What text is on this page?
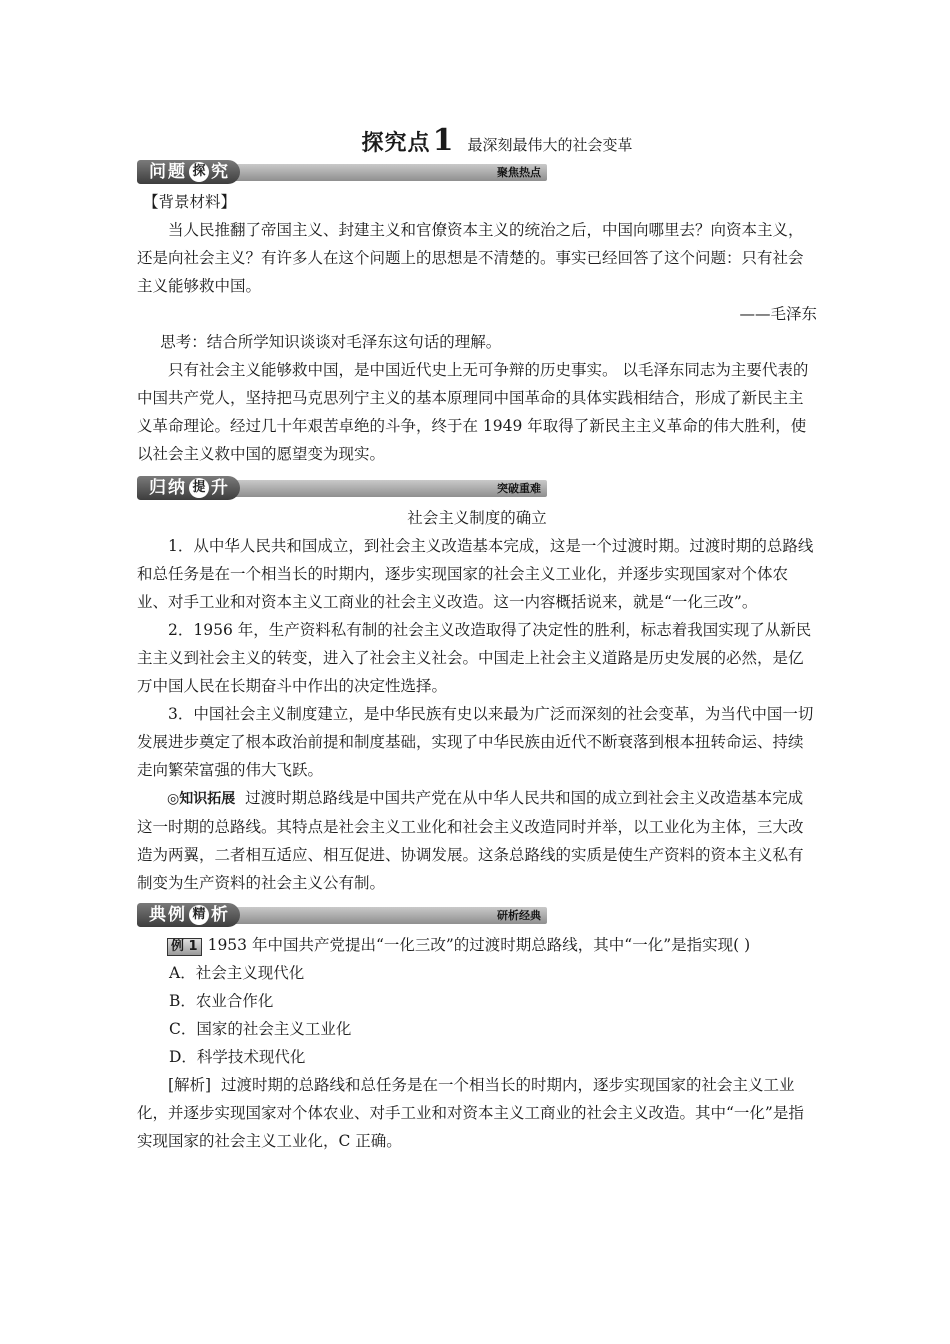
探究点1 最深刻最伟大的社会变革
问题 探 究	聚焦热点

【背景材料】

当人民推翻了帝国主义、封建主义和官僚资本主义的统治之后，中国向哪里去？向资本主义，还是向社会主义？有许多人在这个问题上的思想是不清楚的。事实已经回答了这个问题：只有社会主义能够救中国。

——毛泽东

思考：结合所学知识谈谈对毛泽东这句话的理解。

只有社会主义能够救中国，是中国近代史上无可争辩的历史事实。 以毛泽东同志为主要代表的中国共产党人，坚持把马克思列宁主义的基本原理同中国革命的具体实践相结合，形成了新民主主义革命理论。经过几十年艰苦卓绝的斗争，终于在 1949 年取得了新民主主义革命的伟大胜利，使以社会主义救中国的愿望变为现实。

归纳 提 升	突破重难

社会主义制度的确立

1．从中华人民共和国成立，到社会主义改造基本完成，这是一个过渡时期。过渡时期的总路线和总任务是在一个相当长的时期内，逐步实现国家的社会主义工业化，并逐步实现国家对个体农业、对手工业和对资本主义工商业的社会主义改造。这一内容概括说来，就是“一化三改”。

2．1956 年，生产资料私有制的社会主义改造取得了决定性的胜利，标志着我国实现了从新民主主义到社会主义的转变，进入了社会主义社会。中国走上社会主义道路是历史发展的必然，是亿万中国人民在长期奋斗中作出的决定性选择。

3．中国社会主义制度建立，是中华民族有史以来最为广泛而深刻的社会变革，为当代中国一切发展进步奠定了根本政治前提和制度基础，实现了中华民族由近代不断衰落到根本扭转命运、持续走向繁荣富强的伟大飞跃。

◎知识拓展 过渡时期总路线是中国共产党在从中华人民共和国的成立到社会主义改造基本完成这一时期的总路线。其特点是社会主义工业化和社会主义改造同时并举，以工业化为主体，三大改造为两翼，二者相互适应、相互促进、协调发展。这条总路线的实质是使生产资料的资本主义私有制变为生产资料的社会主义公有制。

典例 精 析	研析经典

例 1 1953 年中国共产党提出“一化三改”的过渡时期总路线，其中“一化”是指实现( )

A．社会主义现代化

B．农业合作化

C．国家的社会主义工业化

D．科学技术现代化

[解析] 过渡时期的总路线和总任务是在一个相当长的时期内，逐步实现国家的社会主义工业化，并逐步实现国家对个体农业、对手工业和对资本主义工商业的社会主义改造。其中“一化”是指实现国家的社会主义工业化，C 正确。
